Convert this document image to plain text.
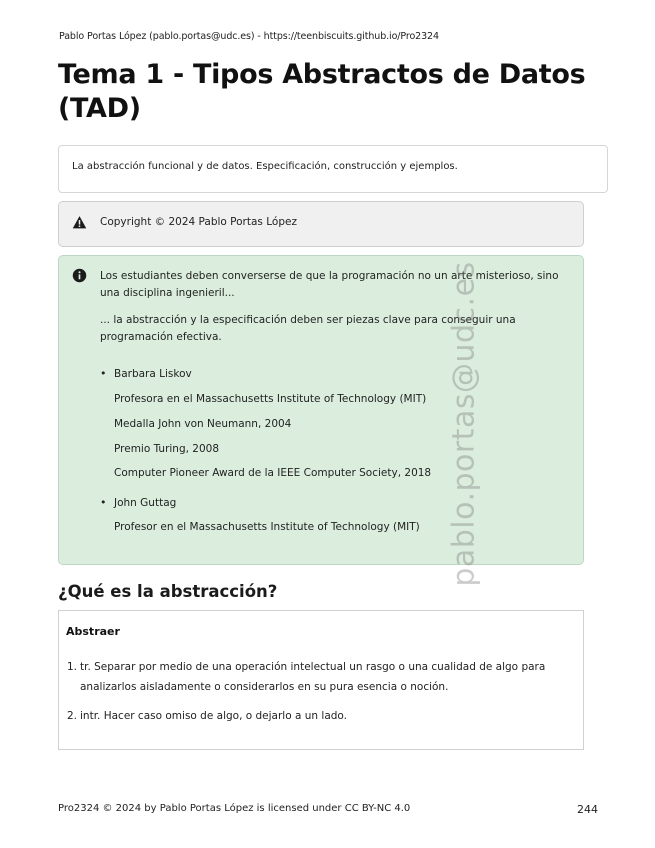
Pablo Portas López (pablo.portas@udc.es) - https://teenbiscuits.github.io/Pro2324
Tema 1 - Tipos Abstractos de Datos (TAD)
La abstracción funcional y de datos. Especificación, construcción y ejemplos.
Copyright © 2024 Pablo Portas López

Los estudiantes deben converserse de que la programación no un arte misterioso, sino una disciplina ingenieril...

... la abstracción y la especificación deben ser piezas clave para conseguir una programación efectiva.

• Barbara Liskov
Profesora en el Massachusetts Institute of Technology (MIT)
Medalla John von Neumann, 2004
Premio Turing, 2008
Computer Pioneer Award de la IEEE Computer Society, 2018
• John Guttag
Profesor en el Massachusetts Institute of Technology (MIT)
¿Qué es la abstracción?
Abstraer
1. tr. Separar por medio de una operación intelectual un rasgo o una cualidad de algo para analizarlos aisladamente o considerarlos en su pura esencia o noción.
2. intr. Hacer caso omiso de algo, o dejarlo a un lado.
pablo.portas@udc.es
Pro2324 © 2024 by Pablo Portas López is licensed under CC BY-NC 4.0	244
